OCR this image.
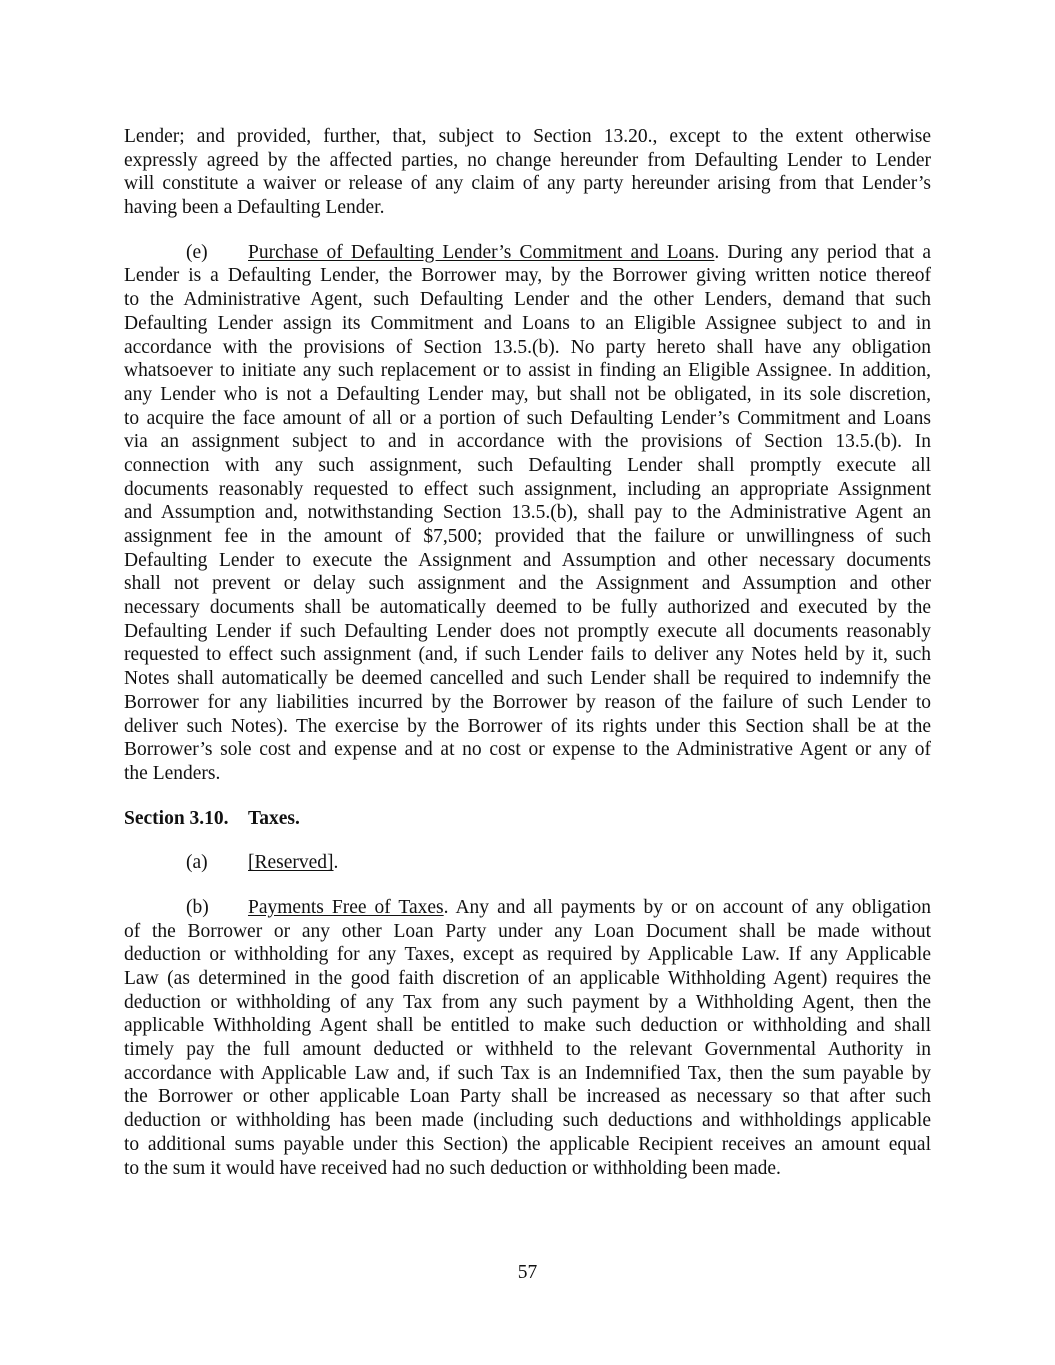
Lender; and provided, further, that, subject to Section 13.20., except to the extent otherwise
expressly agreed by the affected parties, no change hereunder from Defaulting Lender to Lender
will constitute a waiver or release of any claim of any party hereunder arising from that Lender’s
having been a Defaulting Lender.
(e) Purchase of Defaulting Lender’s Commitment and Loans. During any period that a
Lender is a Defaulting Lender, the Borrower may, by the Borrower giving written notice thereof
to the Administrative Agent, such Defaulting Lender and the other Lenders, demand that such
Defaulting Lender assign its Commitment and Loans to an Eligible Assignee subject to and in
accordance with the provisions of Section 13.5.(b). No party hereto shall have any obligation
whatsoever to initiate any such replacement or to assist in finding an Eligible Assignee. In addition,
any Lender who is not a Defaulting Lender may, but shall not be obligated, in its sole discretion,
to acquire the face amount of all or a portion of such Defaulting Lender’s Commitment and Loans
via an assignment subject to and in accordance with the provisions of Section 13.5.(b). In
connection with any such assignment, such Defaulting Lender shall promptly execute all
documents reasonably requested to effect such assignment, including an appropriate Assignment
and Assumption and, notwithstanding Section 13.5.(b), shall pay to the Administrative Agent an
assignment fee in the amount of $7,500; provided that the failure or unwillingness of such
Defaulting Lender to execute the Assignment and Assumption and other necessary documents
shall not prevent or delay such assignment and the Assignment and Assumption and other
necessary documents shall be automatically deemed to be fully authorized and executed by the
Defaulting Lender if such Defaulting Lender does not promptly execute all documents reasonably
requested to effect such assignment (and, if such Lender fails to deliver any Notes held by it, such
Notes shall automatically be deemed cancelled and such Lender shall be required to indemnify the
Borrower for any liabilities incurred by the Borrower by reason of the failure of such Lender to
deliver such Notes). The exercise by the Borrower of its rights under this Section shall be at the
Borrower’s sole cost and expense and at no cost or expense to the Administrative Agent or any of
the Lenders.
Section 3.10. Taxes.
(a) [Reserved].
(b) Payments Free of Taxes. Any and all payments by or on account of any obligation
of the Borrower or any other Loan Party under any Loan Document shall be made without
deduction or withholding for any Taxes, except as required by Applicable Law. If any Applicable
Law (as determined in the good faith discretion of an applicable Withholding Agent) requires the
deduction or withholding of any Tax from any such payment by a Withholding Agent, then the
applicable Withholding Agent shall be entitled to make such deduction or withholding and shall
timely pay the full amount deducted or withheld to the relevant Governmental Authority in
accordance with Applicable Law and, if such Tax is an Indemnified Tax, then the sum payable by
the Borrower or other applicable Loan Party shall be increased as necessary so that after such
deduction or withholding has been made (including such deductions and withholdings applicable
to additional sums payable under this Section) the applicable Recipient receives an amount equal
to the sum it would have received had no such deduction or withholding been made.
57
